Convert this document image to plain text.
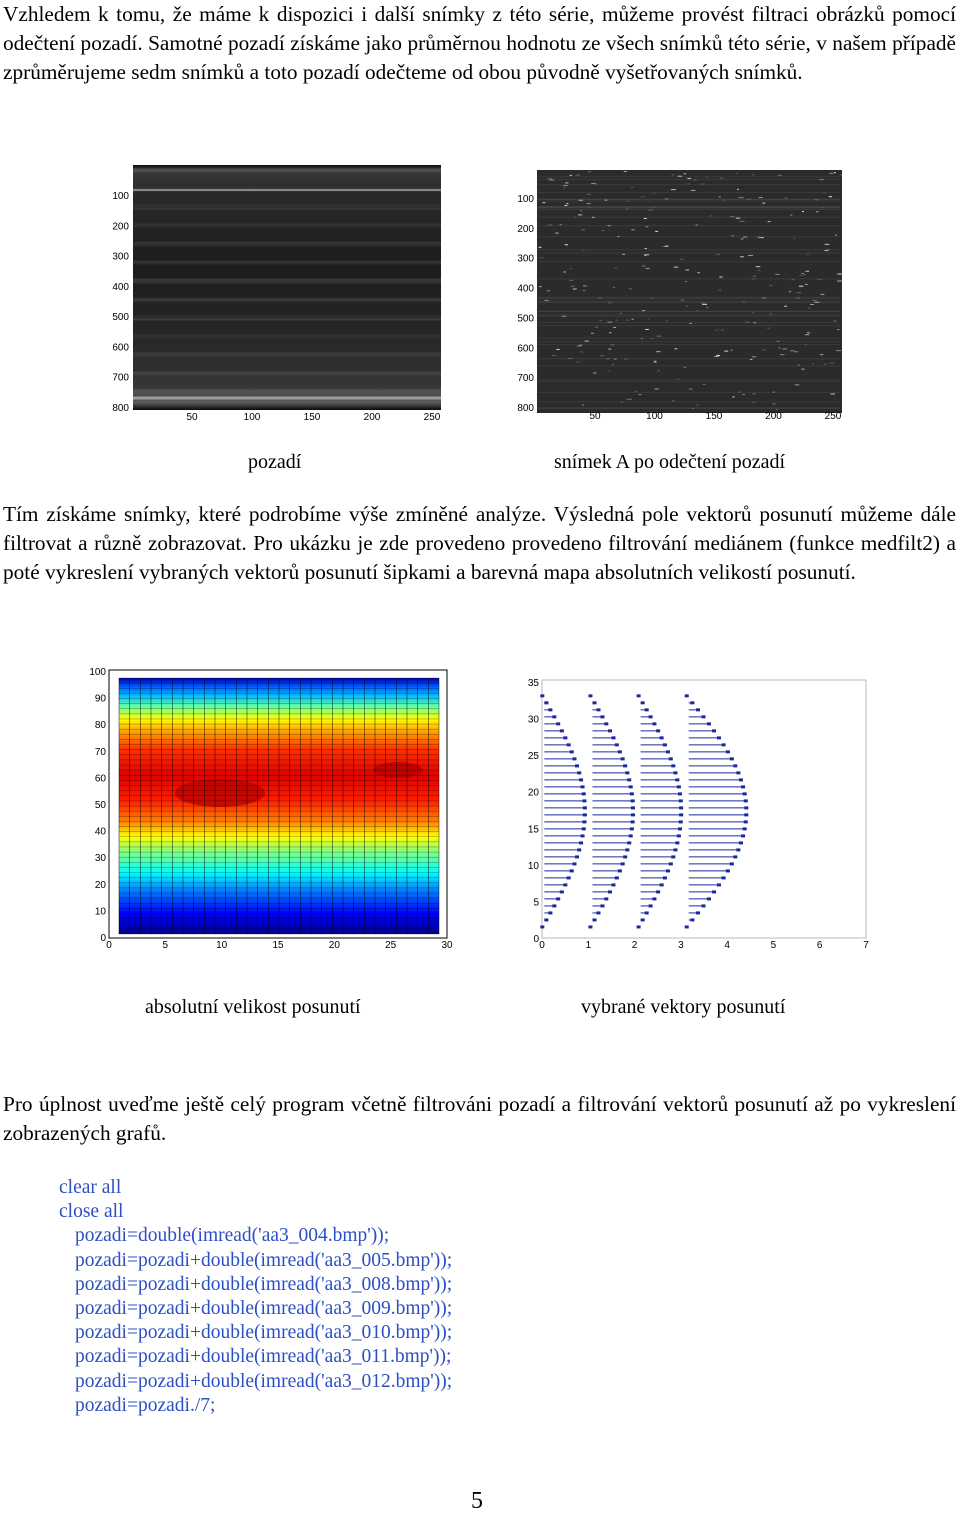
Vzhledem k tomu, že máme k dispozici i další snímky z této série, můžeme provést filtraci obrázků pomocí odečtení pozadí. Samotné pozadí získáme jako průměrnou hodnotu ze všech snímků této série, v našem případě zprůměrujeme sedm snímků a toto pozadí odečteme od obou původně vyšetřovaných snímků.

100
200
300
400
500
600
700
800
50	100	150	200	250
100
200
300
400
500
600
700
800
50	100	150	200	250
pozadí	snímek A po odečtení pozadí

Tím získáme snímky, které podrobíme výše zmíněné analýze. Výsledná pole vektorů posunutí můžeme dále filtrovat a různě zobrazovat. Pro ukázku je zde provedeno provedeno filtrování mediánem (funkce medfilt2) a poté vykreslení vybraných vektorů posunutí šipkami a barevná mapa absolutních velikostí posunutí.

0
10
20
30
40
50
60
70
80
90
100
0	5	10	15	20	25	30
0
5
10
15
20
25
30
35
0	1	2	3	4	5	6	7
absolutní velikost posunutí	vybrané vektory posunutí

Pro úplnost uveďme ještě celý program včetně filtrováni pozadí a filtrování vektorů posunutí až po vykreslení zobrazených grafů.

clear all
close all
pozadi=double(imread('aa3_004.bmp'));
pozadi=pozadi+double(imread('aa3_005.bmp'));
pozadi=pozadi+double(imread('aa3_008.bmp'));
pozadi=pozadi+double(imread('aa3_009.bmp'));
pozadi=pozadi+double(imread('aa3_010.bmp'));
pozadi=pozadi+double(imread('aa3_011.bmp'));
pozadi=pozadi+double(imread('aa3_012.bmp'));
pozadi=pozadi./7;
5
